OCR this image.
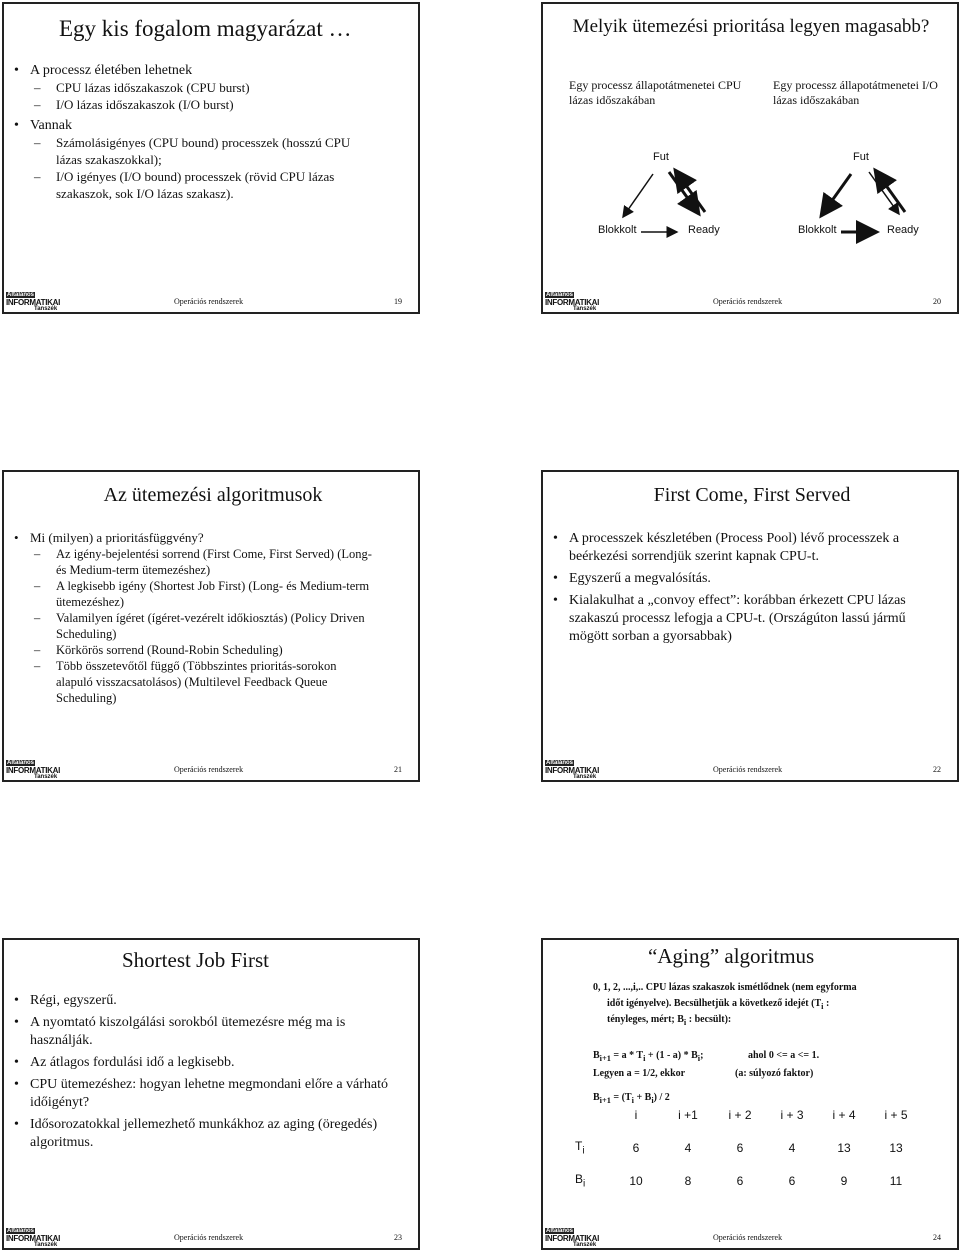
Egy kis fogalom magyarázat …
• A processz életében lehetnek
– CPU lázas időszakaszok (CPU burst)
– I/O lázas időszakaszok (I/O burst)
• Vannak
– Számolásigényes (CPU bound) processzek (hosszú CPU lázas szakaszokkal);
– I/O igényes (I/O bound) processzek (rövid CPU lázas szakaszok, sok I/O lázas szakasz).
Általános
INFORMATIKAI
Tanszék
Operációs rendszerek	19
Melyik ütemezési prioritása legyen magasabb?
Egy processz állapotátmenetei CPU lázas időszakában
Egy processz állapotátmenetei I/O lázas időszakában
Fut
Blokkolt	Ready
Fut
Blokkolt	Ready
Általános
INFORMATIKAI
Tanszék
Operációs rendszerek	20
Az ütemezési algoritmusok
• Mi (milyen) a prioritásfüggvény?
– Az igény-bejelentési sorrend (First Come, First Served) (Long- és Medium-term ütemezéshez)
– A legkisebb igény (Shortest Job First) (Long- és Medium-term ütemezéshez)
– Valamilyen ígéret (ígéret-vezérelt időkiosztás) (Policy Driven Scheduling)
– Körkörös sorrend (Round-Robin Scheduling)
– Több összetevőtől függő (Többszintes prioritás-sorokon alapuló visszacsatolásos) (Multilevel Feedback Queue Scheduling)
Általános
INFORMATIKAI
Tanszék
Operációs rendszerek	21
First Come, First Served
• A processzek készletében (Process Pool) lévő processzek a beérkezési sorrendjük szerint kapnak CPU-t.
• Egyszerű a megvalósítás.
• Kialakulhat a „convoy effect”: korábban érkezett CPU lázas szakaszú processz lefogja a CPU-t. (Országúton lassú jármű mögött sorban a gyorsabbak)
Általános
INFORMATIKAI
Tanszék
Operációs rendszerek	22
Shortest Job First
• Régi, egyszerű.
• A nyomtató kiszolgálási sorokból ütemezésre még ma is használják.
• Az átlagos fordulási idő a legkisebb.
• CPU ütemezéshez: hogyan lehetne megmondani előre a várható időigényt?
• Idősorozatokkal jellemezhető munkákhoz az aging (öregedés) algoritmus.
Általános
INFORMATIKAI
Tanszék
Operációs rendszerek	23
“Aging” algoritmus
0, 1, 2, ...,i,.. CPU lázas szakaszok ismétlődnek (nem egyforma
időt igényelve). Becsülhetjük a következő idejét ($T_i$ :
tényleges, mért; $B_i$ : becsült):
$B_{i+1} = a * T_i + (1 - a) * B_i$;	ahol 0 <= a <= 1.
Legyen a = 1/2, ekkor	(a: súlyozó faktor)
$B_{i+1} = (T_i + B_i) / 2$
	i	i +1	i + 2	i + 3	i + 4	i + 5
$T_i$	6	4	6	4	13	13
$B_i$	10	8	6	6	9	11
Általános
INFORMATIKAI
Tanszék
Operációs rendszerek	24
